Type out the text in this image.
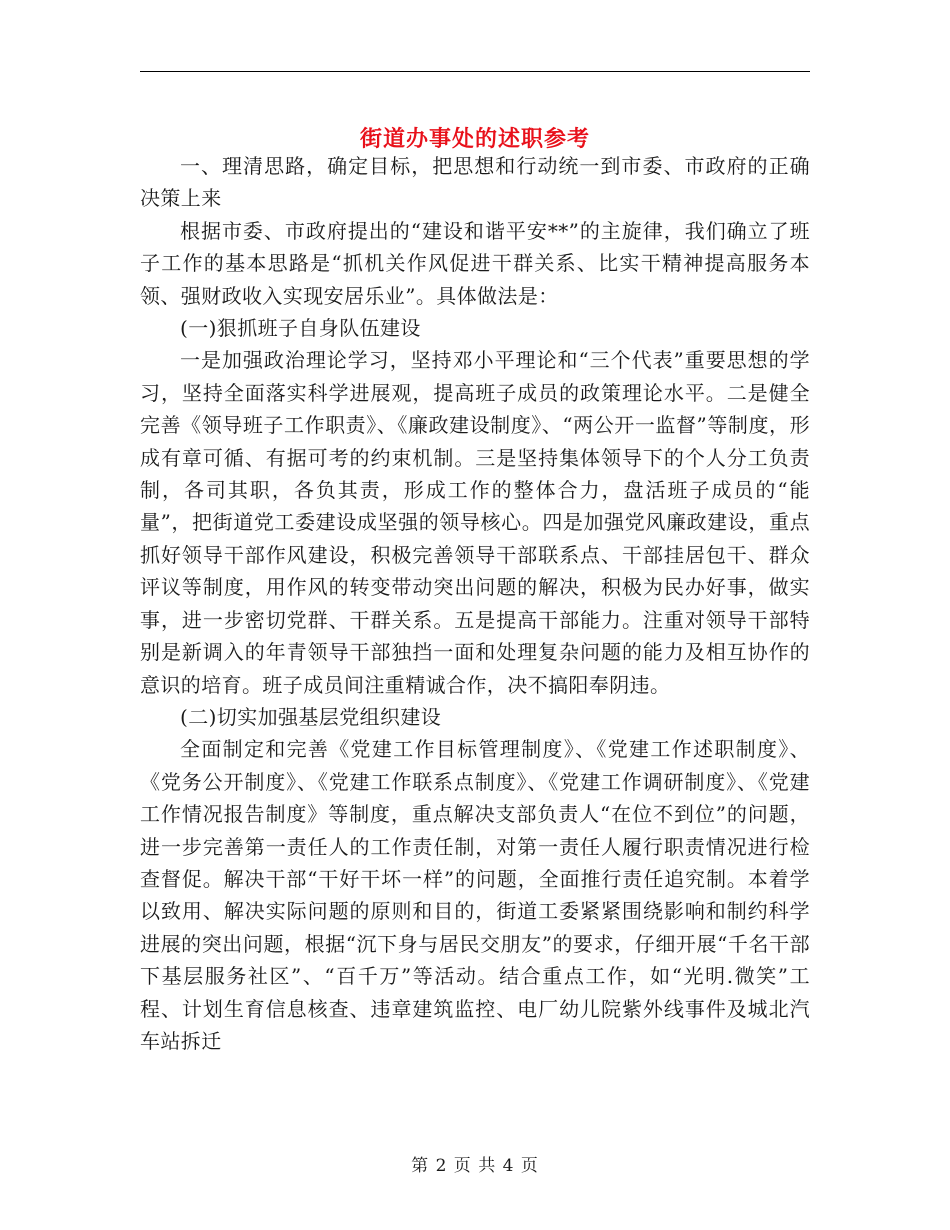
街道办事处的述职参考

一、理清思路，确定目标，把思想和行动统一到市委、市政府的正确决策上来

根据市委、市政府提出的“建设和谐平安**”的主旋律，我们确立了班子工作的基本思路是“抓机关作风促进干群关系、比实干精神提高服务本领、强财政收入实现安居乐业”。具体做法是：

(一)狠抓班子自身队伍建设

一是加强政治理论学习，坚持邓小平理论和“三个代表”重要思想的学习，坚持全面落实科学进展观，提高班子成员的政策理论水平。二是健全完善《领导班子工作职责》、《廉政建设制度》、“两公开一监督”等制度，形成有章可循、有据可考的约束机制。三是坚持集体领导下的个人分工负责制，各司其职，各负其责，形成工作的整体合力，盘活班子成员的“能量”，把街道党工委建设成坚强的领导核心。四是加强党风廉政建设，重点抓好领导干部作风建设，积极完善领导干部联系点、干部挂居包干、群众评议等制度，用作风的转变带动突出问题的解决，积极为民办好事，做实事，进一步密切党群、干群关系。五是提高干部能力。注重对领导干部特别是新调入的年青领导干部独挡一面和处理复杂问题的能力及相互协作的意识的培育。班子成员间注重精诚合作，决不搞阳奉阴违。

(二)切实加强基层党组织建设

全面制定和完善《党建工作目标管理制度》、《党建工作述职制度》、《党务公开制度》、《党建工作联系点制度》、《党建工作调研制度》、《党建工作情况报告制度》等制度，重点解决支部负责人“在位不到位”的问题，进一步完善第一责任人的工作责任制，对第一责任人履行职责情况进行检查督促。解决干部“干好干坏一样”的问题，全面推行责任追究制。本着学以致用、解决实际问题的原则和目的，街道工委紧紧围绕影响和制约科学进展的突出问题，根据“沉下身与居民交朋友”的要求，仔细开展“千名干部下基层服务社区”、“百千万”等活动。结合重点工作，如“光明.微笑”工程、计划生育信息核查、违章建筑监控、电厂幼儿院紫外线事件及城北汽车站拆迁

第 2 页 共 4 页
